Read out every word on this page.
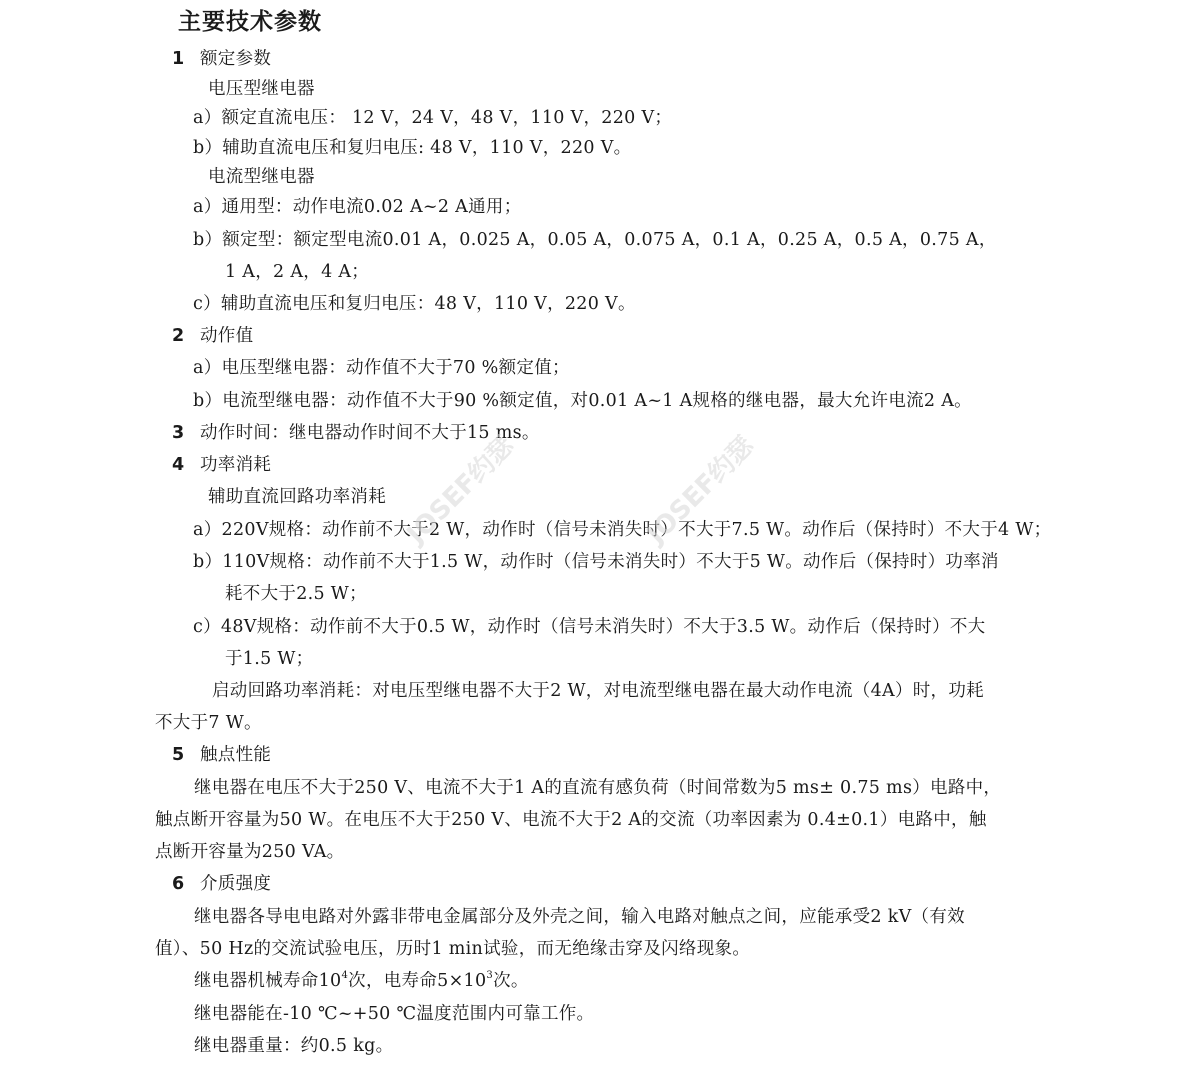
主要技术参数
1 额定参数
电压型继电器
a）额定直流电压： 12 V，24 V，48 V，110 V，220 V；
b）辅助直流电压和复归电压: 48 V，110 V，220 V。
电流型继电器
a）通用型：动作电流0.02 A~2 A通用；
b）额定型：额定型电流0.01 A，0.025 A，0.05 A，0.075 A，0.1 A，0.25 A，0.5 A，0.75 A，
1 A，2 A，4 A；
c）辅助直流电压和复归电压：48 V，110 V，220 V。
2 动作值
a）电压型继电器：动作值不大于70 %额定值；
b）电流型继电器：动作值不大于90 %额定值，对0.01 A~1 A规格的继电器，最大允许电流2 A。
3 动作时间：继电器动作时间不大于15 ms。
4 功率消耗
辅助直流回路功率消耗
a）220V规格：动作前不大于2 W，动作时（信号未消失时）不大于7.5 W。动作后（保持时）不大于4 W；
b）110V规格：动作前不大于1.5 W，动作时（信号未消失时）不大于5 W。动作后（保持时）功率消
耗不大于2.5 W；
c）48V规格：动作前不大于0.5 W，动作时（信号未消失时）不大于3.5 W。动作后（保持时）不大
于1.5 W；
启动回路功率消耗：对电压型继电器不大于2 W，对电流型继电器在最大动作电流（4A）时，功耗
不大于7 W。
5 触点性能
继电器在电压不大于250 V、电流不大于1 A的直流有感负荷（时间常数为5 ms± 0.75 ms）电路中，
触点断开容量为50 W。在电压不大于250 V、电流不大于2 A的交流（功率因素为 0.4±0.1）电路中，触
点断开容量为250 VA。
6 介质强度
继电器各导电电路对外露非带电金属部分及外壳之间，输入电路对触点之间，应能承受2 kV（有效
值）、50 Hz的交流试验电压，历时1 min试验，而无绝缘击穿及闪络现象。
继电器机械寿命$10^4$次，电寿命$5\times 10^3$次。
继电器能在-10 ℃~+50 ℃温度范围内可靠工作。
继电器重量：约0.5 kg。
JOSEF约瑟	JOSEF约瑟
